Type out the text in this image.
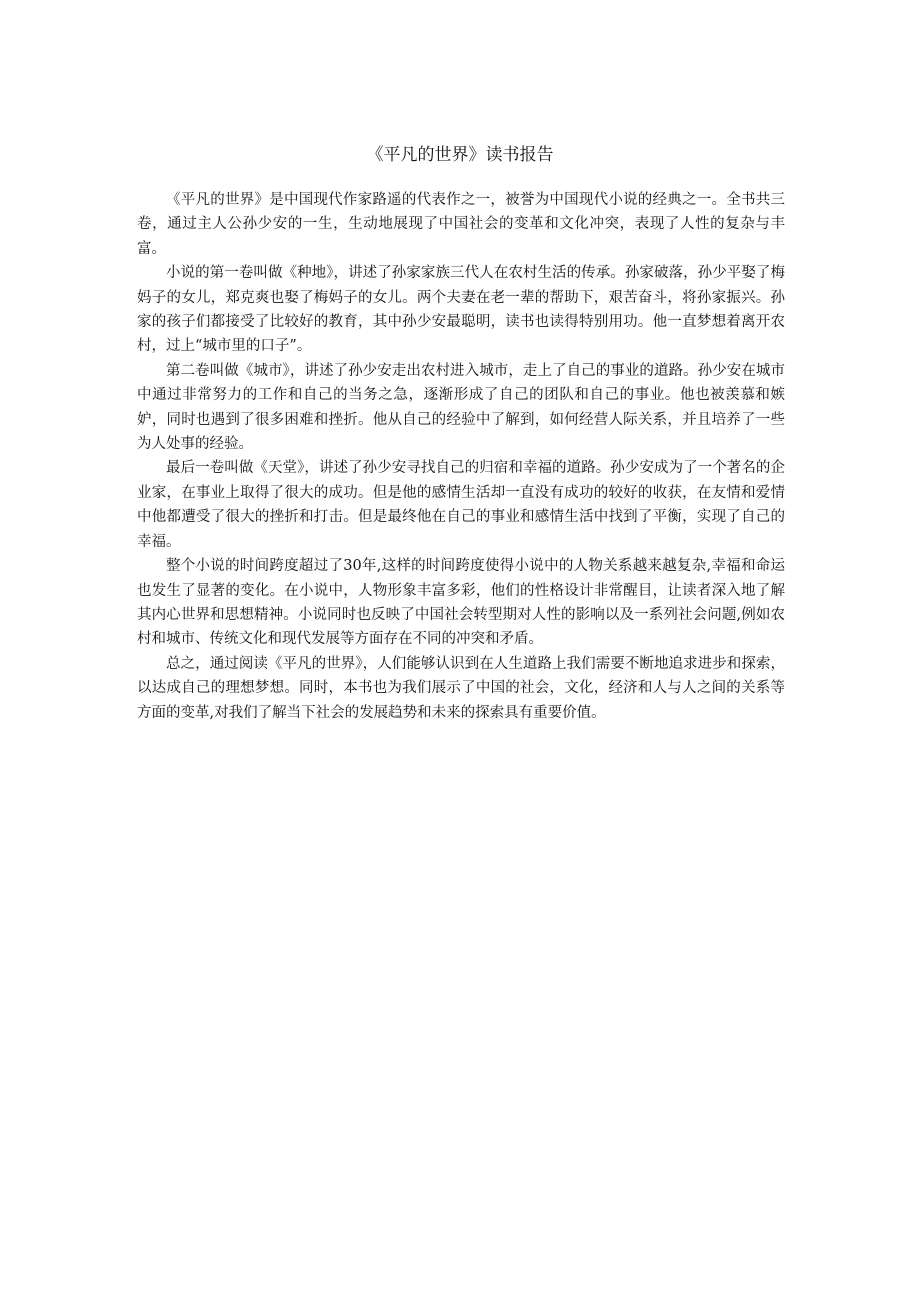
《平凡的世界》读书报告

《平凡的世界》是中国现代作家路遥的代表作之一，被誉为中国现代小说的经典之一。全书共三卷，通过主人公孙少安的一生，生动地展现了中国社会的变革和文化冲突，表现了人性的复杂与丰富。

小说的第一卷叫做《种地》，讲述了孙家家族三代人在农村生活的传承。孙家破落，孙少平娶了梅妈子的女儿，郑克爽也娶了梅妈子的女儿。两个夫妻在老一辈的帮助下，艰苦奋斗，将孙家振兴。孙家的孩子们都接受了比较好的教育，其中孙少安最聪明，读书也读得特别用功。他一直梦想着离开农村，过上“城市里的口子”。

第二卷叫做《城市》，讲述了孙少安走出农村进入城市，走上了自己的事业的道路。孙少安在城市中通过非常努力的工作和自己的当务之急，逐渐形成了自己的团队和自己的事业。他也被羡慕和嫉妒，同时也遇到了很多困难和挫折。他从自己的经验中了解到，如何经营人际关系，并且培养了一些为人处事的经验。

最后一卷叫做《天堂》，讲述了孙少安寻找自己的归宿和幸福的道路。孙少安成为了一个著名的企业家，在事业上取得了很大的成功。但是他的感情生活却一直没有成功的较好的收获，在友情和爱情中他都遭受了很大的挫折和打击。但是最终他在自己的事业和感情生活中找到了平衡，实现了自己的幸福。

整个小说的时间跨度超过了30年,这样的时间跨度使得小说中的人物关系越来越复杂,幸福和命运也发生了显著的变化。在小说中，人物形象丰富多彩，他们的性格设计非常醒目，让读者深入地了解其内心世界和思想精神。小说同时也反映了中国社会转型期对人性的影响以及一系列社会问题,例如农村和城市、传统文化和现代发展等方面存在不同的冲突和矛盾。

总之，通过阅读《平凡的世界》，人们能够认识到在人生道路上我们需要不断地追求进步和探索，以达成自己的理想梦想。同时，本书也为我们展示了中国的社会，文化，经济和人与人之间的关系等方面的变革,对我们了解当下社会的发展趋势和未来的探索具有重要价值。
